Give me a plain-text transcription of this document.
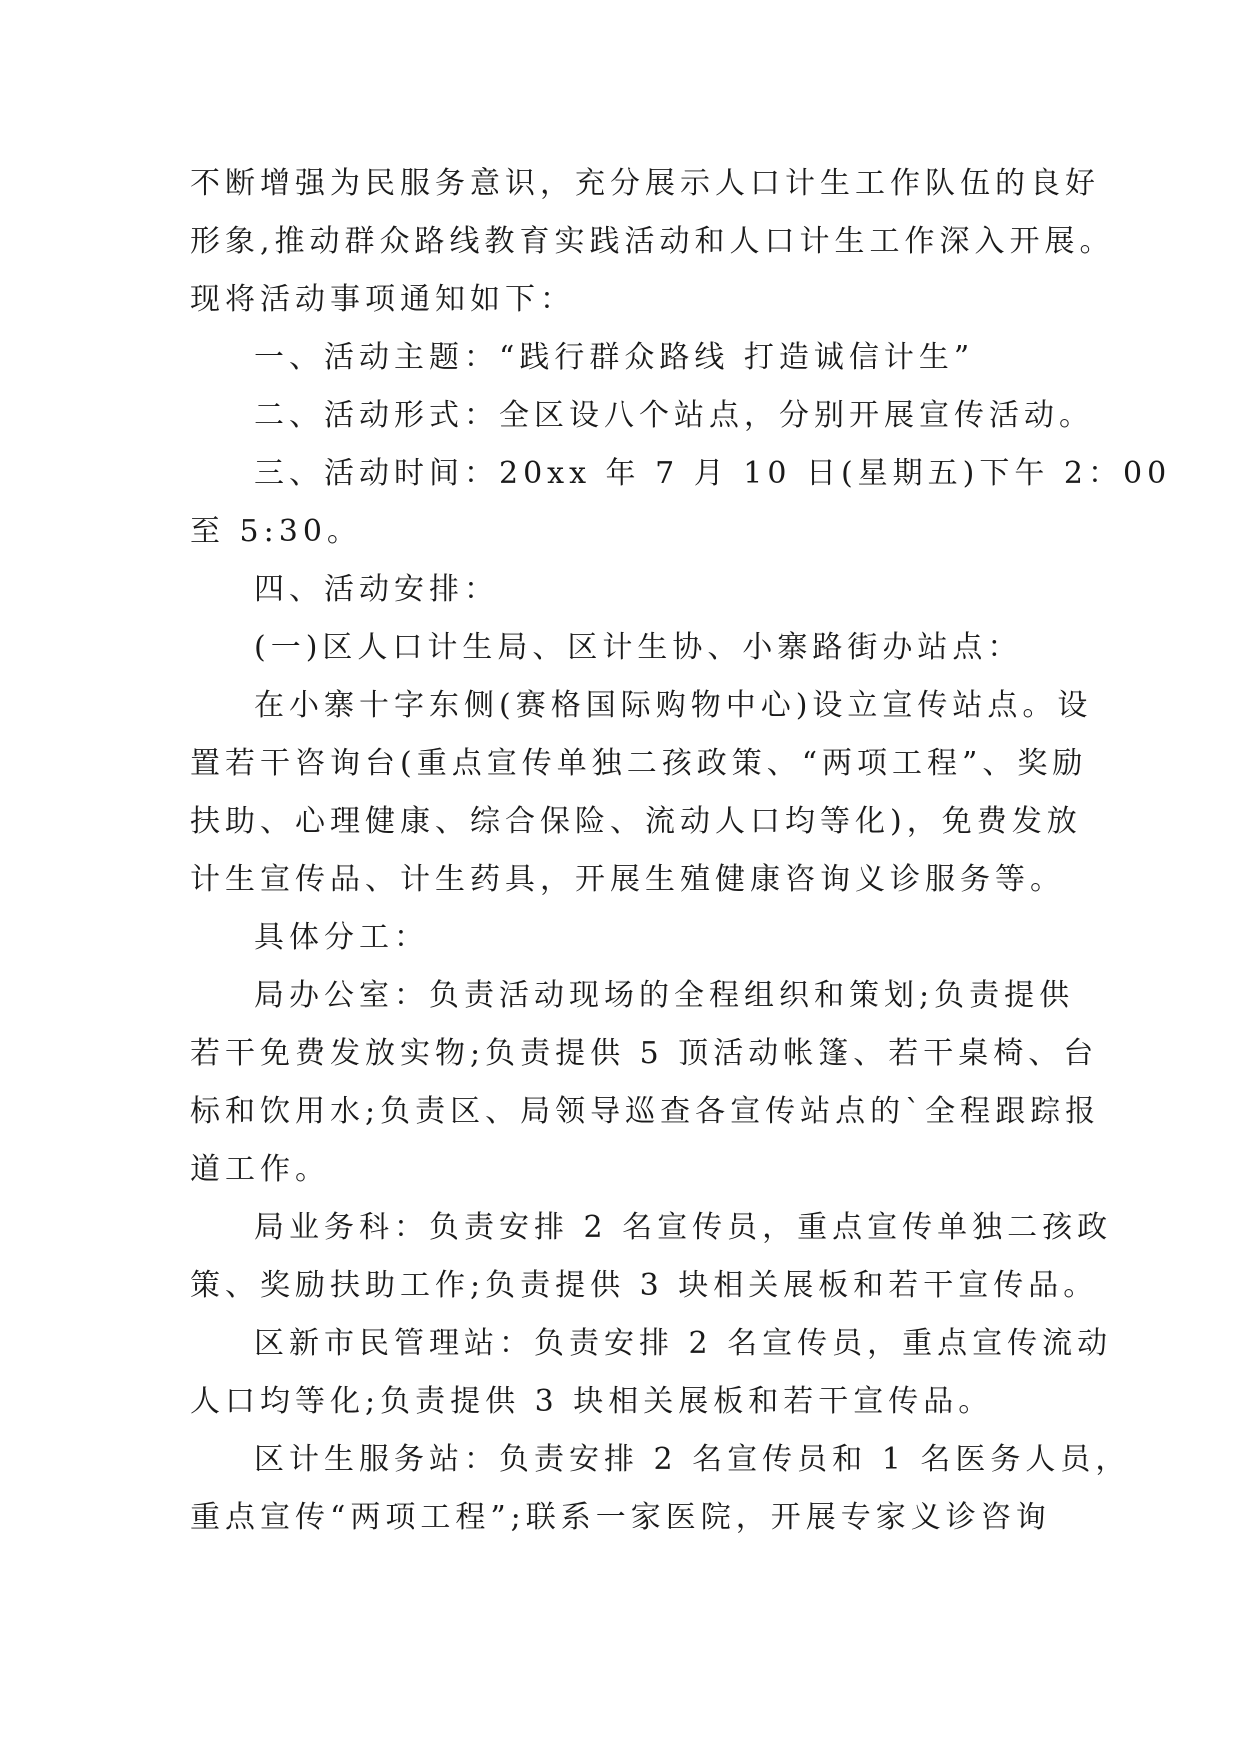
不断增强为民服务意识，充分展示人口计生工作队伍的良好
形象,推动群众路线教育实践活动和人口计生工作深入开展。
现将活动事项通知如下：
一、活动主题：“践行群众路线 打造诚信计生”
二、活动形式：全区设八个站点，分别开展宣传活动。
三、活动时间：20xx 年 7 月 10 日(星期五)下午 2：00
至 5:30。
四、活动安排：
(一)区人口计生局、区计生协、小寨路街办站点：
在小寨十字东侧(赛格国际购物中心)设立宣传站点。设
置若干咨询台(重点宣传单独二孩政策、“两项工程”、奖励
扶助、心理健康、综合保险、流动人口均等化)，免费发放
计生宣传品、计生药具，开展生殖健康咨询义诊服务等。
具体分工：
局办公室：负责活动现场的全程组织和策划;负责提供
若干免费发放实物;负责提供 5 顶活动帐篷、若干桌椅、台
标和饮用水;负责区、局领导巡查各宣传站点的`全程跟踪报
道工作。
局业务科：负责安排 2 名宣传员，重点宣传单独二孩政
策、奖励扶助工作;负责提供 3 块相关展板和若干宣传品。
区新市民管理站：负责安排 2 名宣传员，重点宣传流动
人口均等化;负责提供 3 块相关展板和若干宣传品。
区计生服务站：负责安排 2 名宣传员和 1 名医务人员，
重点宣传“两项工程”;联系一家医院，开展专家义诊咨询
